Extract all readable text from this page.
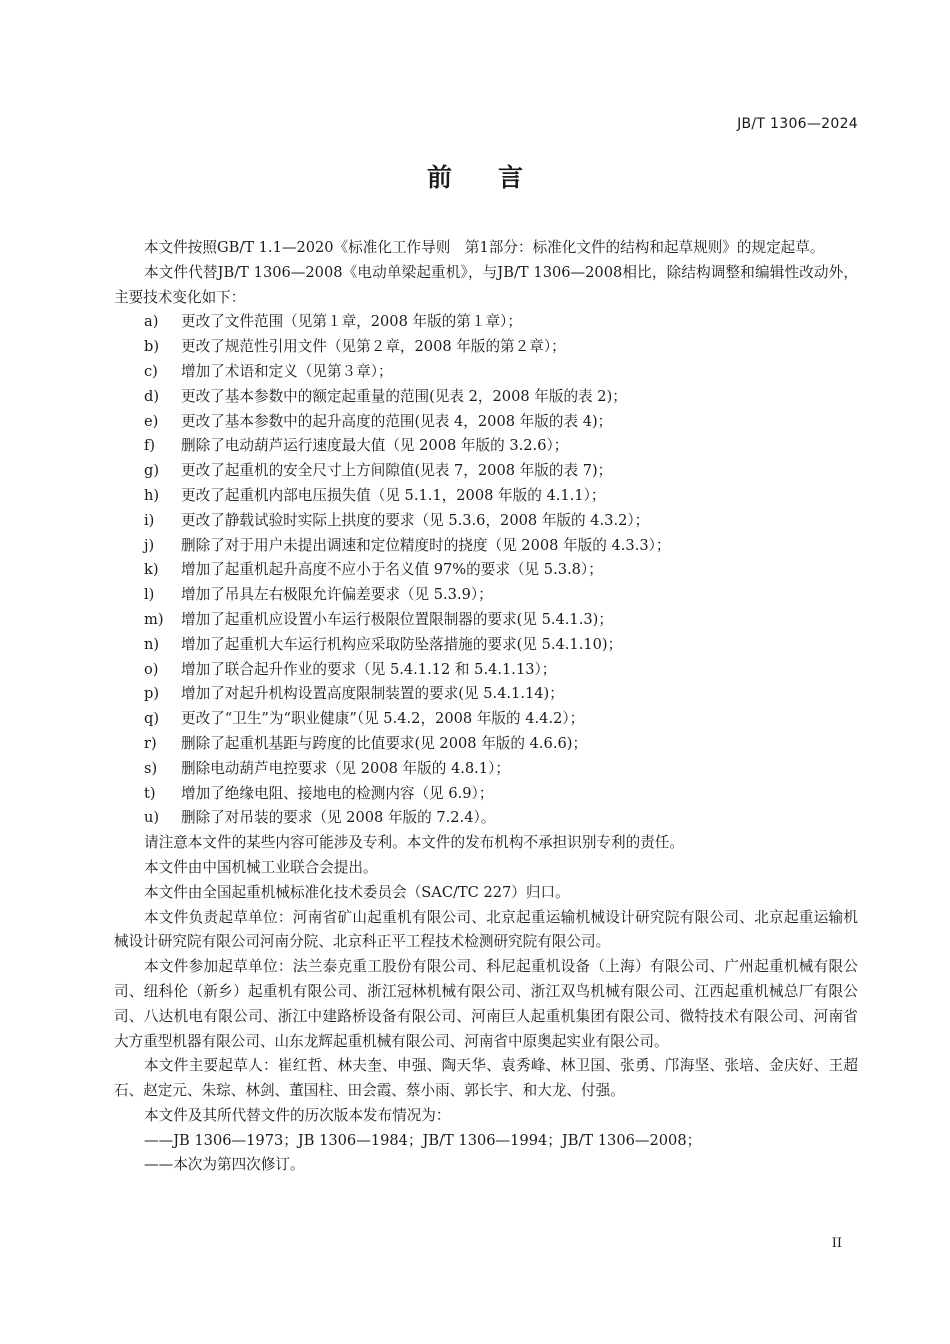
JB/T 1306—2024
前言
本文件按照GB/T 1.1—2020《标准化工作导则　第1部分：标准化文件的结构和起草规则》的规定起草。
本文件代替JB/T 1306—2008《电动单梁起重机》，与JB/T 1306—2008相比，除结构调整和编辑性改动外，主要技术变化如下：
a) 更改了文件范围（见第１章，2008 年版的第１章）；
b) 更改了规范性引用文件（见第２章，2008 年版的第２章）；
c) 增加了术语和定义（见第３章）；
d) 更改了基本参数中的额定起重量的范围(见表 2，2008 年版的表 2)；
e) 更改了基本参数中的起升高度的范围(见表 4，2008 年版的表 4)；
f) 删除了电动葫芦运行速度最大值（见 2008 年版的 3.2.6）；
g) 更改了起重机的安全尺寸上方间隙值(见表 7，2008 年版的表 7)；
h) 更改了起重机内部电压损失值（见 5.1.1，2008 年版的 4.1.1）；
i) 更改了静载试验时实际上拱度的要求（见 5.3.6，2008 年版的 4.3.2）；
j) 删除了对于用户未提出调速和定位精度时的挠度（见 2008 年版的 4.3.3）；
k) 增加了起重机起升高度不应小于名义值 97%的要求（见 5.3.8）；
l) 增加了吊具左右极限允许偏差要求（见 5.3.9）；
m) 增加了起重机应设置小车运行极限位置限制器的要求(见 5.4.1.3)；
n) 增加了起重机大车运行机构应采取防坠落措施的要求(见 5.4.1.10)；
o) 增加了联合起升作业的要求（见 5.4.1.12 和 5.4.1.13）；
p) 增加了对起升机构设置高度限制装置的要求(见 5.4.1.14)；
q) 更改了“卫生”为“职业健康”（见 5.4.2，2008 年版的 4.4.2）；
r) 删除了起重机基距与跨度的比值要求(见 2008 年版的 4.6.6)；
s) 删除电动葫芦电控要求（见 2008 年版的 4.8.1）；
t) 增加了绝缘电阻、接地电的检测内容（见 6.9）；
u) 删除了对吊装的要求（见 2008 年版的 7.2.4）。
请注意本文件的某些内容可能涉及专利。本文件的发布机构不承担识别专利的责任。
本文件由中国机械工业联合会提出。
本文件由全国起重机械标准化技术委员会（SAC/TC 227）归口。
本文件负责起草单位：河南省矿山起重机有限公司、北京起重运输机械设计研究院有限公司、北京起重运输机械设计研究院有限公司河南分院、北京科正平工程技术检测研究院有限公司。
本文件参加起草单位：法兰泰克重工股份有限公司、科尼起重机设备（上海）有限公司、广州起重机械有限公司、纽科伦（新乡）起重机有限公司、浙江冠林机械有限公司、浙江双鸟机械有限公司、江西起重机械总厂有限公司、八达机电有限公司、浙江中建路桥设备有限公司、河南巨人起重机集团有限公司、微特技术有限公司、河南省大方重型机器有限公司、山东龙辉起重机械有限公司、河南省中原奥起实业有限公司。
本文件主要起草人：崔红哲、林夫奎、申强、陶天华、袁秀峰、林卫国、张勇、邝海坚、张培、金庆好、王超石、赵定元、朱琮、林剑、董国柱、田会霞、蔡小雨、郭长宇、和大龙、付强。
本文件及其所代替文件的历次版本发布情况为：
——JB 1306—1973；JB 1306—1984；JB/T 1306—1994；JB/T 1306—2008；
——本次为第四次修订。
II
